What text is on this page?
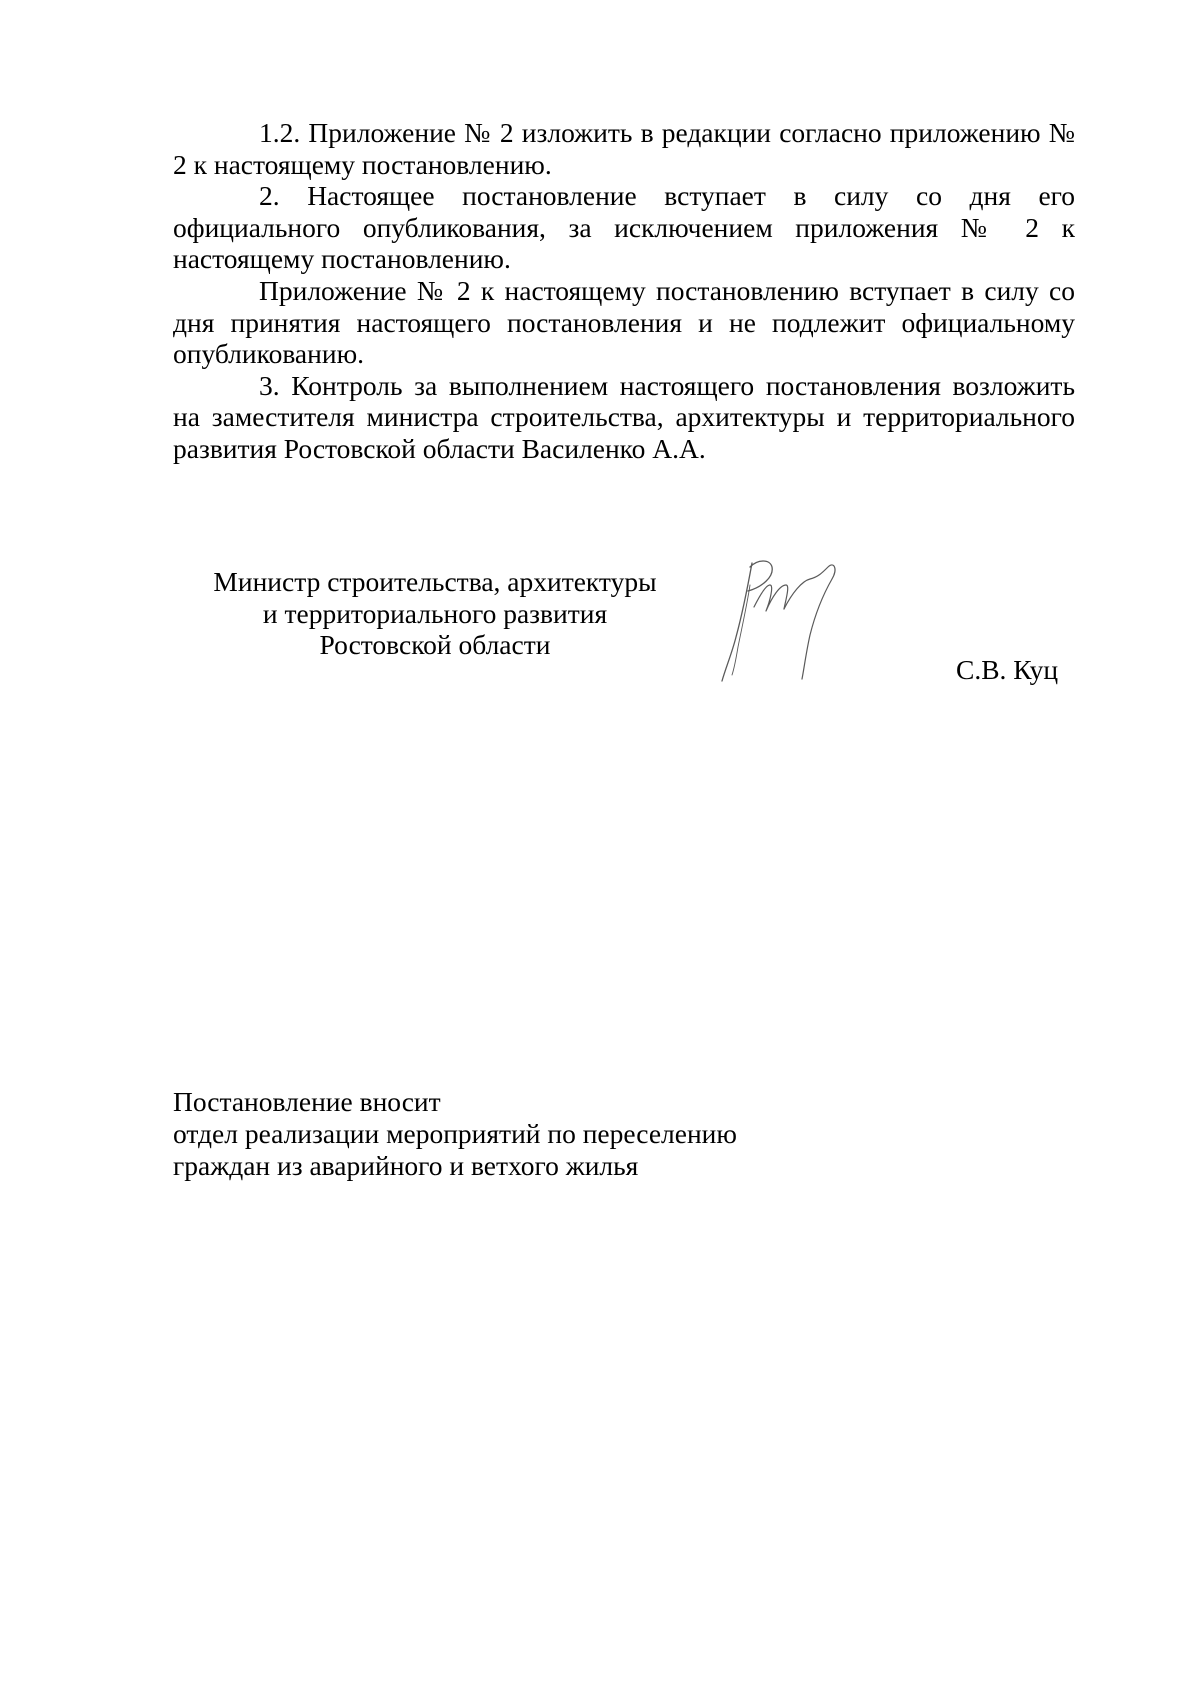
1.2. Приложение № 2 изложить в редакции согласно приложению № 2 к настоящему постановлению.

2. Настоящее постановление вступает в силу со дня его официального опубликования, за исключением приложения № 2 к настоящему постановлению.

Приложение № 2 к настоящему постановлению вступает в силу со дня принятия настоящего постановления и не подлежит официальному опубликованию.

3. Контроль за выполнением настоящего постановления возложить на заместителя министра строительства, архитектуры и территориального развития Ростовской области Василенко А.А.

Министр строительства, архитектуры
и территориального развития
Ростовской области
С.В. Куц
Постановление вносит
отдел реализации мероприятий по переселению
граждан из аварийного и ветхого жилья
